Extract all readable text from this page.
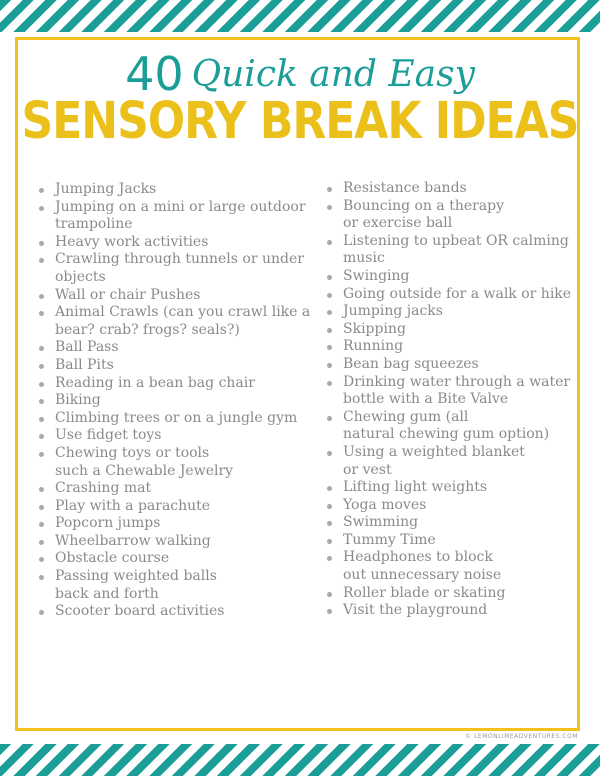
40 Quick and Easy
SENSORY BREAK IDEAS
Jumping Jacks
Jumping on a mini or large outdoor
trampoline
Heavy work activities
Crawling through tunnels or under
objects
Wall or chair Pushes
Animal Crawls (can you crawl like a
bear? crab? frogs? seals?)
Ball Pass
Ball Pits
Reading in a bean bag chair
Biking
Climbing trees or on a jungle gym
Use fidget toys
Chewing toys or tools
such a Chewable Jewelry
Crashing mat
Play with a parachute
Popcorn jumps
Wheelbarrow walking
Obstacle course
Passing weighted balls
back and forth
Scooter board activities
Resistance bands
Bouncing on a therapy
or exercise ball
Listening to upbeat OR calming
music
Swinging
Going outside for a walk or hike
Jumping jacks
Skipping
Running
Bean bag squeezes
Drinking water through a water
bottle with a Bite Valve
Chewing gum (all
natural chewing gum option)
Using a weighted blanket
or vest
Lifting light weights
Yoga moves
Swimming
Tummy Time
Headphones to block
out unnecessary noise
Roller blade or skating
Visit the playground
© LEMONLIMEADVENTURES.COM
